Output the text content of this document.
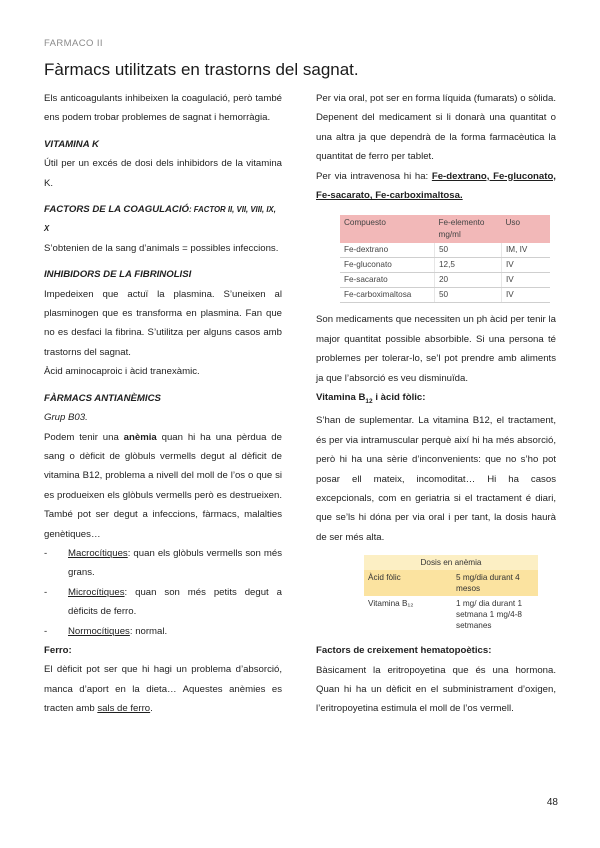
FARMACO II
Fàrmacs utilitzats en trastorns del sagnat.

Els anticoagulants inhibeixen la coagulació, però també ens podem trobar problemes de sagnat i hemorràgia.

VITAMINA K

Útil per un excés de dosi dels inhibidors de la vitamina K.

FACTORS DE LA COAGULACIÓ: FACTOR II, VII, VIII, IX, X

S’obtenien de la sang d’animals = possibles infeccions.

INHIBIDORS DE LA FIBRINOLISI

Impedeixen que actuï la plasmina. S’uneixen al plasminogen que es transforma en plasmina. Fan que no es desfaci la fibrina. S’utilitza per alguns casos amb trastorns del sagnat.

Àcid aminocaproic i àcid tranexàmic.

FÀRMACS ANTIANÈMICS

Grup B03.

Podem tenir una anèmia quan hi ha una pèrdua de sang o dèficit de glòbuls vermells degut al dèficit de vitamina B12, problema a nivell del moll de l’os o que si es produeixen els glòbuls vermells però es destrueixen. També pot ser degut a infeccions, fàrmacs, malalties genètiques…

- Macrocítiques: quan els glòbuls vermells son més grans.
- Microcítiques: quan son més petits degut a dèficits de ferro.
- Normocítiques: normal.

Ferro:

El dèficit pot ser que hi hagi un problema d’absorció, manca d’aport en la dieta… Aquestes anèmies es tracten amb sals de ferro.

Per via oral, pot ser en forma líquida (fumarats) o sòlida. Depenent del medicament si li donarà una quantitat o una altra ja que dependrà de la forma farmacèutica la quantitat de ferro per tablet.

Per via intravenosa hi ha: Fe-dextrano, Fe-gluconato, Fe-sacarato, Fe-carboximaltosa.

Compuesto	Fe-elemento mg/ml	Uso
Fe-dextrano	50	IM, IV
Fe-gluconato	12,5	IV
Fe-sacarato	20	IV
Fe-carboximaltosa	50	IV

Son medicaments que necessiten un ph àcid per tenir la major quantitat possible absorbible. Si una persona té problemes per tolerar-lo, se’l pot prendre amb aliments ja que l’absorció es veu disminuïda.

Vitamina $B_{12}$ i àcid fòlic:

S’han de suplementar. La vitamina B12, el tractament, és per via intramuscular perquè així hi ha més absorció, però hi ha una sèrie d’inconvenients: que no s’ho pot posar ell mateix, incomoditat… Hi ha casos excepcionals, com en geriatria si el tractament é diari, que se’ls hi dóna per via oral i per tant, la dosis haurà de ser més alta.

Dosis en anèmia
Àcid fòlic	5 mg/dia durant 4 mesos
Vitamina B₁₂	1 mg/ dia durant 1 setmana 1 mg/4-8 setmanes

Factors de creixement hematopoètics:

Bàsicament la eritropoyetina que és una hormona. Quan hi ha un dèficit en el subministrament d’oxigen, l’eritropoyetina estimula el moll de l’os vermell.

48
